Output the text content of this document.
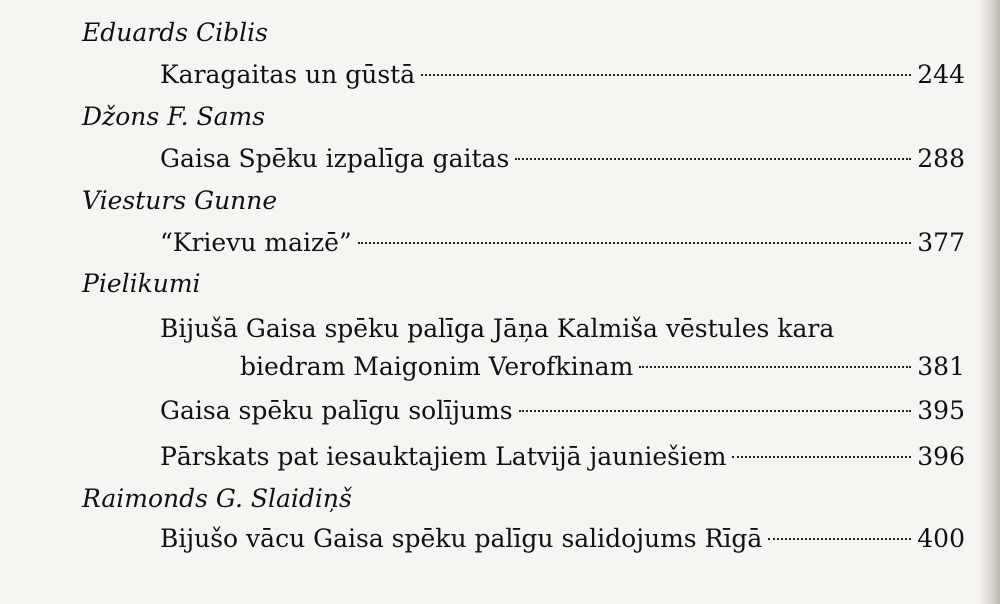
Eduards Ciblis
Karagaitas un gūstā	244
Džons F. Sams
Gaisa Spēku izpalīga gaitas	288
Viesturs Gunne
“Krievu maizē”	377
Pielikumi
Bijušā Gaisa spēku palīga Jāņa Kalmiša vēstules kara
biedram Maigonim Verofkinam	381
Gaisa spēku palīgu solījums	395
Pārskats pat iesauktajiem Latvijā jauniešiem	396
Raimonds G. Slaidiņš
Bijušo vācu Gaisa spēku palīgu salidojums Rīgā	400
